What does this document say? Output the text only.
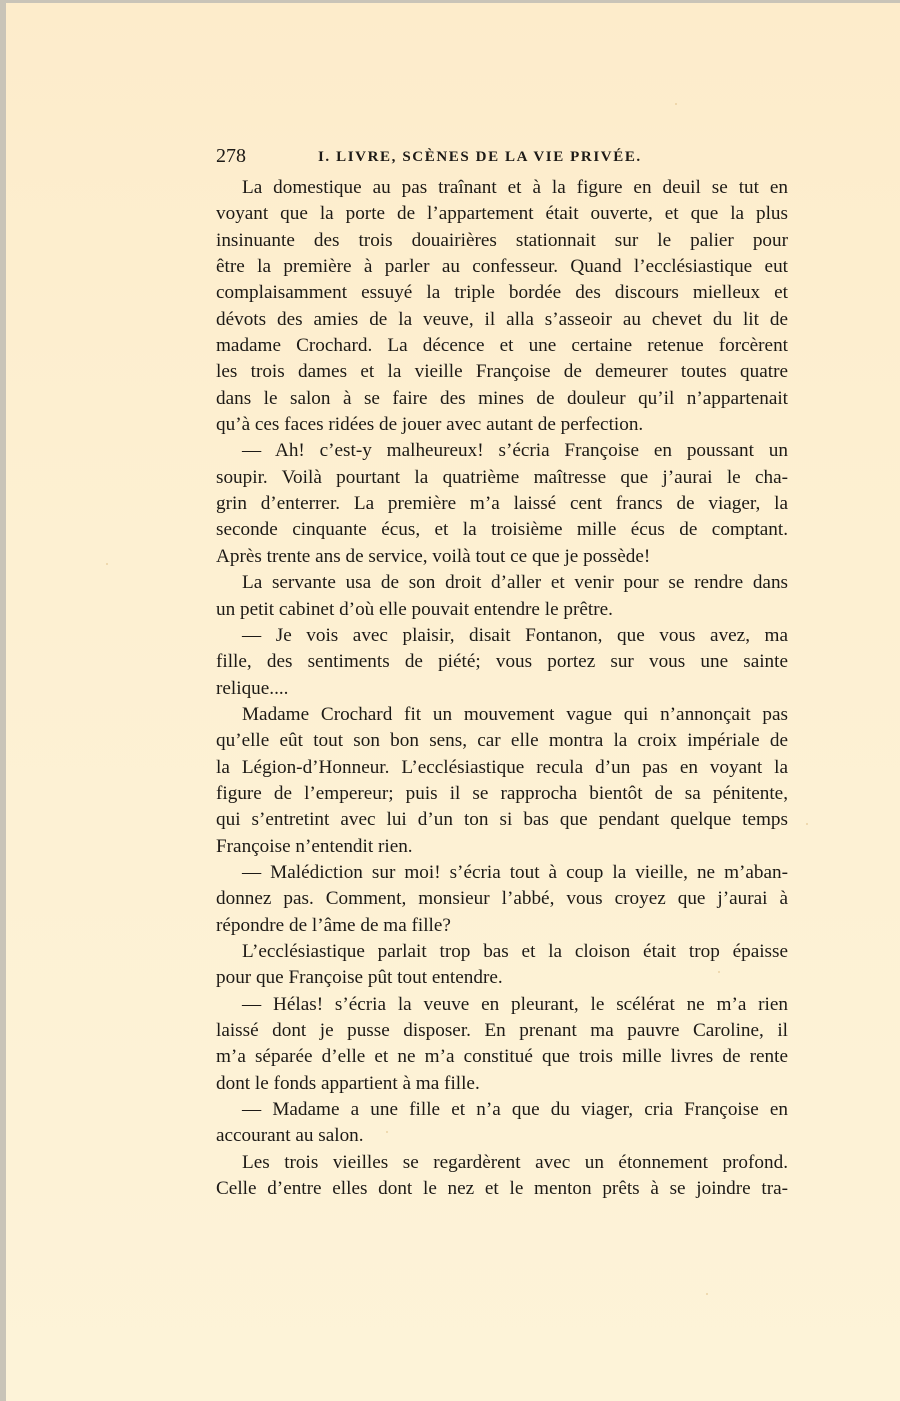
278	I. LIVRE, SCÈNES DE LA VIE PRIVÉE.
La domestique au pas traînant et à la figure en deuil se tut en
voyant que la porte de l’appartement était ouverte, et que la plus
insinuante des trois douairières stationnait sur le palier pour
être la première à parler au confesseur. Quand l’ecclésiastique eut
complaisamment essuyé la triple bordée des discours mielleux et
dévots des amies de la veuve, il alla s’asseoir au chevet du lit de
madame Crochard. La décence et une certaine retenue forcèrent
les trois dames et la vieille Françoise de demeurer toutes quatre
dans le salon à se faire des mines de douleur qu’il n’appartenait
qu’à ces faces ridées de jouer avec autant de perfection.
— Ah! c’est-y malheureux! s’écria Françoise en poussant un
soupir. Voilà pourtant la quatrième maîtresse que j’aurai le cha-
grin d’enterrer. La première m’a laissé cent francs de viager, la
seconde cinquante écus, et la troisième mille écus de comptant.
Après trente ans de service, voilà tout ce que je possède!
La servante usa de son droit d’aller et venir pour se rendre dans
un petit cabinet d’où elle pouvait entendre le prêtre.
— Je vois avec plaisir, disait Fontanon, que vous avez, ma
fille, des sentiments de piété; vous portez sur vous une sainte
relique....
Madame Crochard fit un mouvement vague qui n’annonçait pas
qu’elle eût tout son bon sens, car elle montra la croix impériale de
la Légion-d’Honneur. L’ecclésiastique recula d’un pas en voyant la
figure de l’empereur; puis il se rapprocha bientôt de sa pénitente,
qui s’entretint avec lui d’un ton si bas que pendant quelque temps
Françoise n’entendit rien.
— Malédiction sur moi! s’écria tout à coup la vieille, ne m’aban-
donnez pas. Comment, monsieur l’abbé, vous croyez que j’aurai à
répondre de l’âme de ma fille?
L’ecclésiastique parlait trop bas et la cloison était trop épaisse
pour que Françoise pût tout entendre.
— Hélas! s’écria la veuve en pleurant, le scélérat ne m’a rien
laissé dont je pusse disposer. En prenant ma pauvre Caroline, il
m’a séparée d’elle et ne m’a constitué que trois mille livres de rente
dont le fonds appartient à ma fille.
— Madame a une fille et n’a que du viager, cria Françoise en
accourant au salon.
Les trois vieilles se regardèrent avec un étonnement profond.
Celle d’entre elles dont le nez et le menton prêts à se joindre tra-
